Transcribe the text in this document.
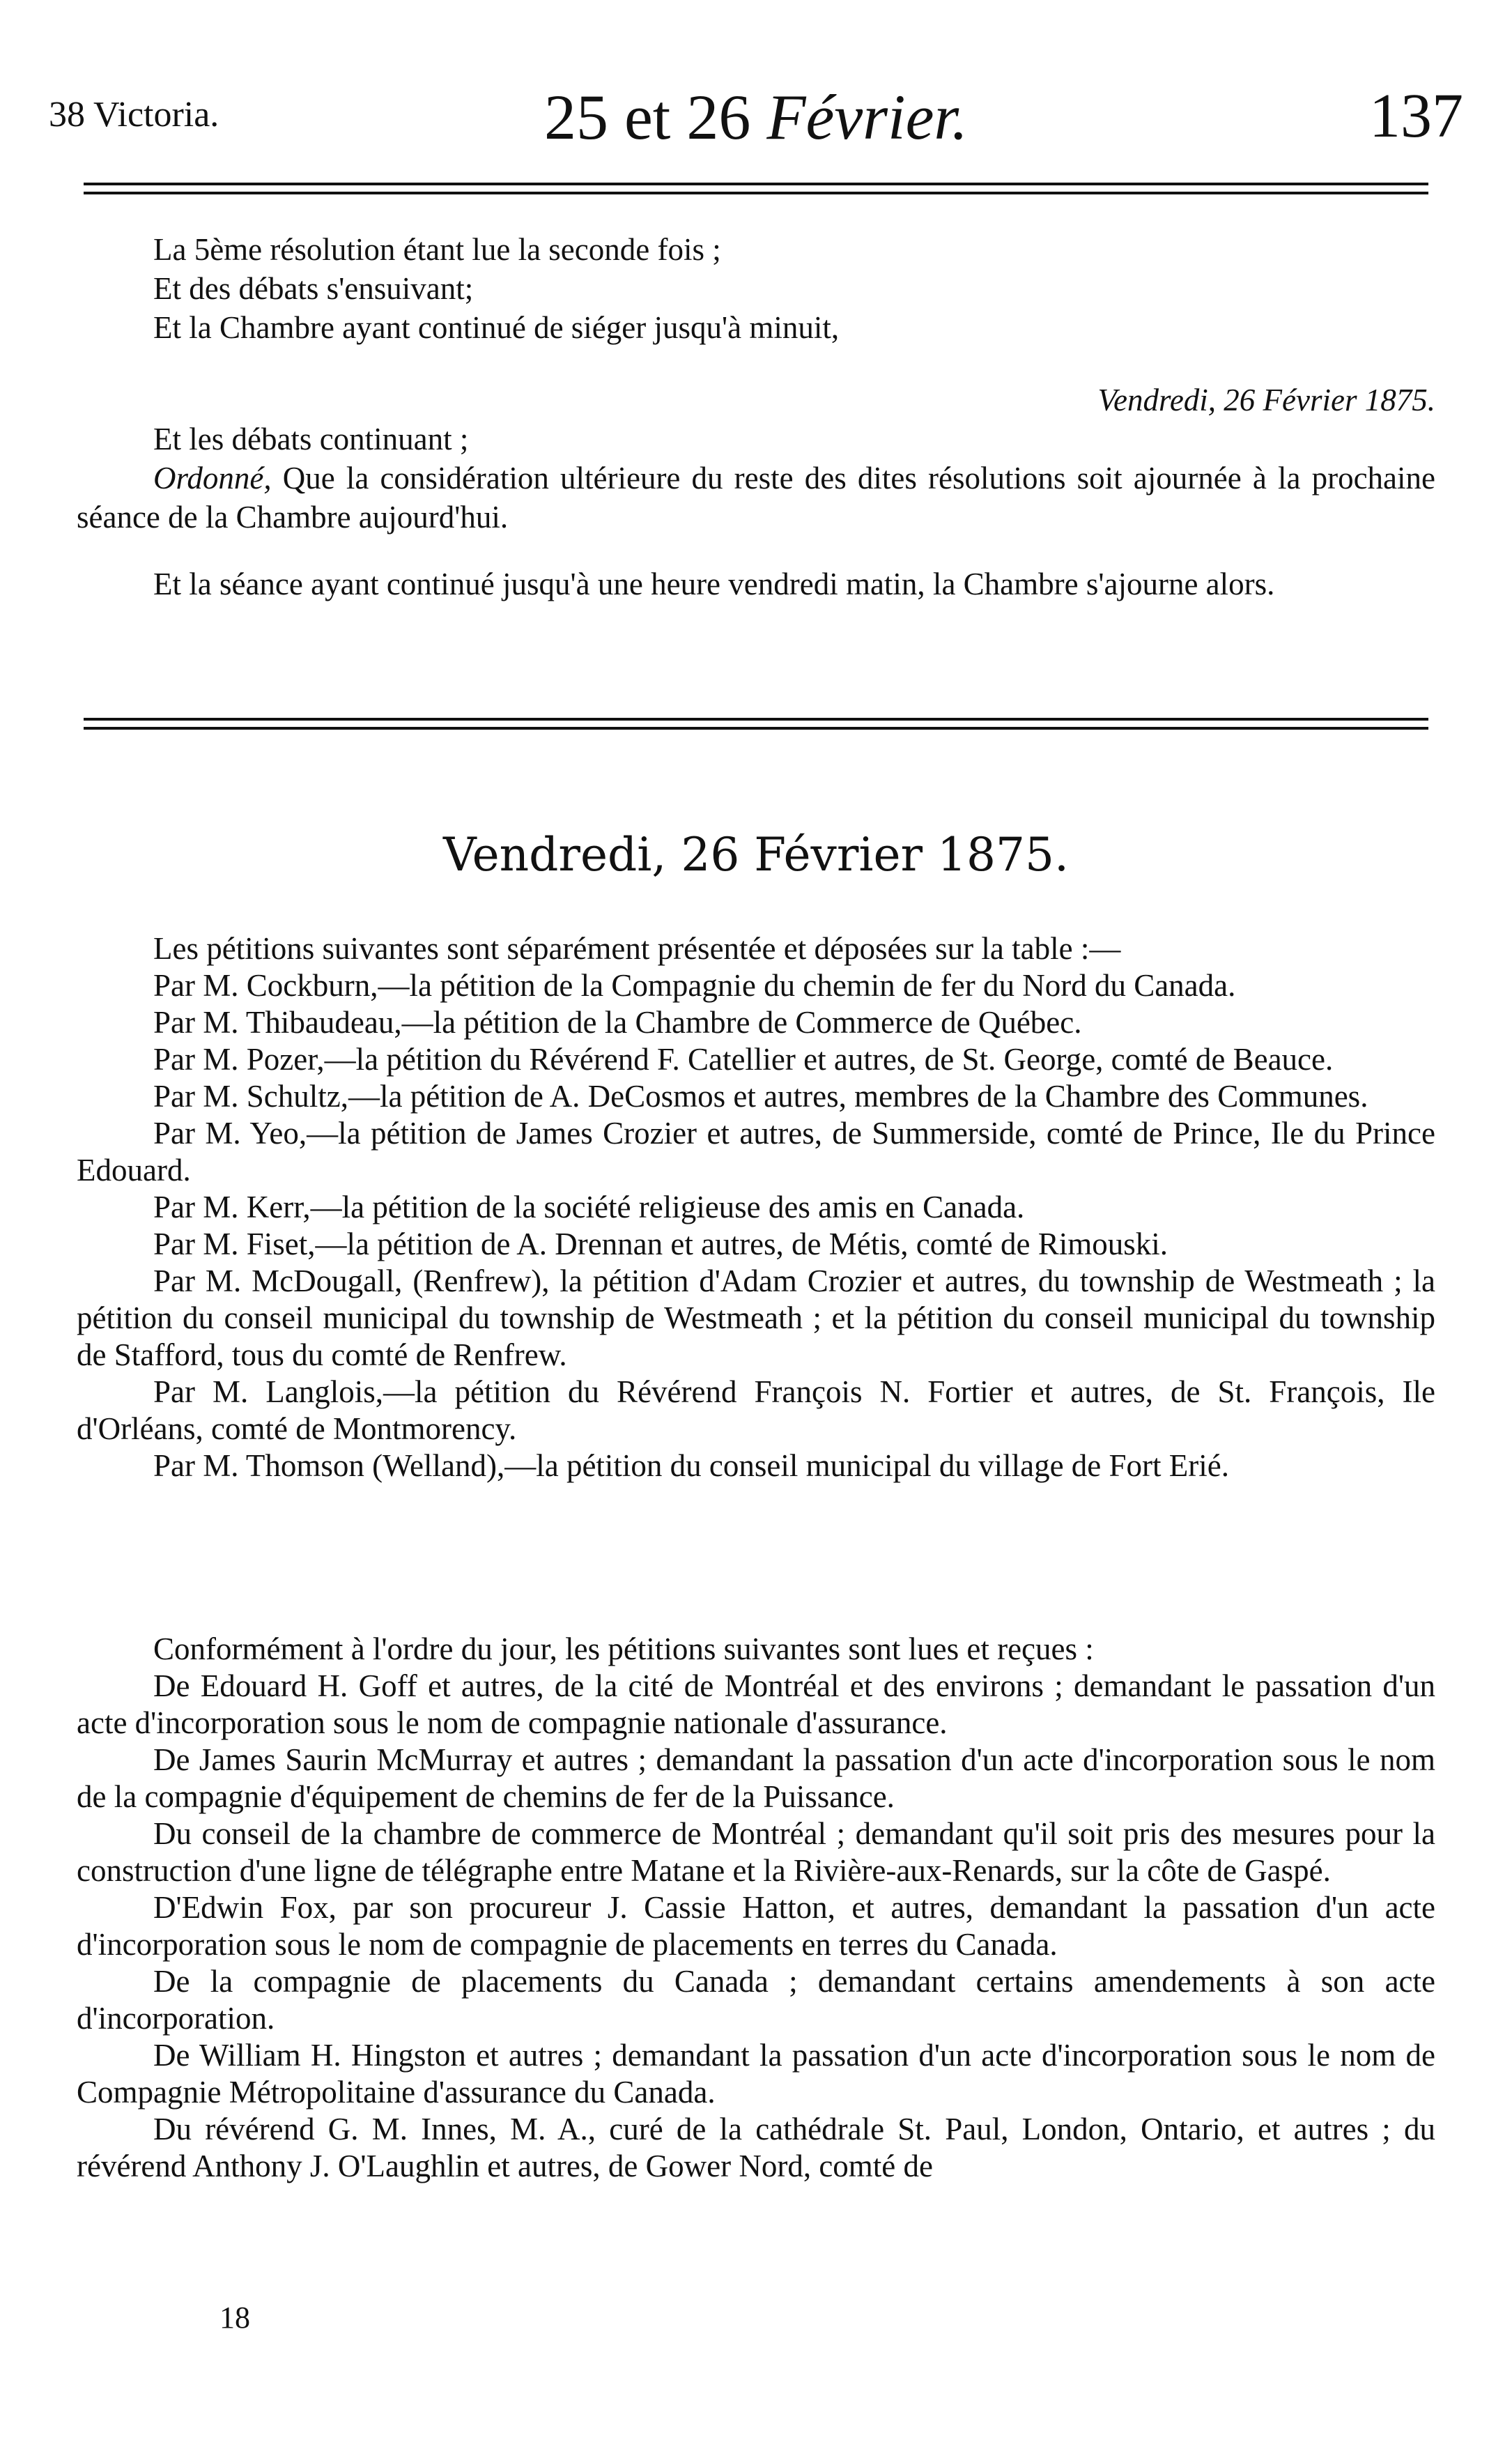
38 Victoria.	25 et 26 Février.	137

La 5ème résolution étant lue la seconde fois ;

Et des débats s'ensuivant;

Et la Chambre ayant continué de siéger jusqu'à minuit,

Vendredi, 26 Février 1875.

Et les débats continuant ;

Ordonné, Que la considération ultérieure du reste des dites résolutions soit ajournée à la prochaine séance de la Chambre aujourd'hui.

Et la séance ayant continué jusqu'à une heure vendredi matin, la Chambre s'ajourne alors.

Vendredi, 26 Février 1875.

Les pétitions suivantes sont séparément présentée et déposées sur la table :—

Par M. Cockburn,—la pétition de la Compagnie du chemin de fer du Nord du Canada.

Par M. Thibaudeau,—la pétition de la Chambre de Commerce de Québec.

Par M. Pozer,—la pétition du Révérend F. Catellier et autres, de St. George, comté de Beauce.

Par M. Schultz,—la pétition de A. DeCosmos et autres, membres de la Chambre des Communes.

Par M. Yeo,—la pétition de James Crozier et autres, de Summerside, comté de Prince, Ile du Prince Edouard.

Par M. Kerr,—la pétition de la société religieuse des amis en Canada.

Par M. Fiset,—la pétition de A. Drennan et autres, de Métis, comté de Rimouski.

Par M. McDougall, (Renfrew), la pétition d'Adam Crozier et autres, du township de Westmeath ; la pétition du conseil municipal du township de Westmeath ; et la pétition du conseil municipal du township de Stafford, tous du comté de Renfrew.

Par M. Langlois,—la pétition du Révérend François N. Fortier et autres, de St. François, Ile d'Orléans, comté de Montmorency.

Par M. Thomson (Welland),—la pétition du conseil municipal du village de Fort Erié.

Conformément à l'ordre du jour, les pétitions suivantes sont lues et reçues :

De Edouard H. Goff et autres, de la cité de Montréal et des environs ; demandant le passation d'un acte d'incorporation sous le nom de compagnie nationale d'assurance.

De James Saurin McMurray et autres ; demandant la passation d'un acte d'incorporation sous le nom de la compagnie d'équipement de chemins de fer de la Puissance.

Du conseil de la chambre de commerce de Montréal ; demandant qu'il soit pris des mesures pour la construction d'une ligne de télégraphe entre Matane et la Rivière-aux-Renards, sur la côte de Gaspé.

D'Edwin Fox, par son procureur J. Cassie Hatton, et autres, demandant la passation d'un acte d'incorporation sous le nom de compagnie de placements en terres du Canada.

De la compagnie de placements du Canada ; demandant certains amendements à son acte d'incorporation.

De William H. Hingston et autres ; demandant la passation d'un acte d'incorporation sous le nom de Compagnie Métropolitaine d'assurance du Canada.

Du révérend G. M. Innes, M. A., curé de la cathédrale St. Paul, London, Ontario, et autres ; du révérend Anthony J. O'Laughlin et autres, de Gower Nord, comté de

18
